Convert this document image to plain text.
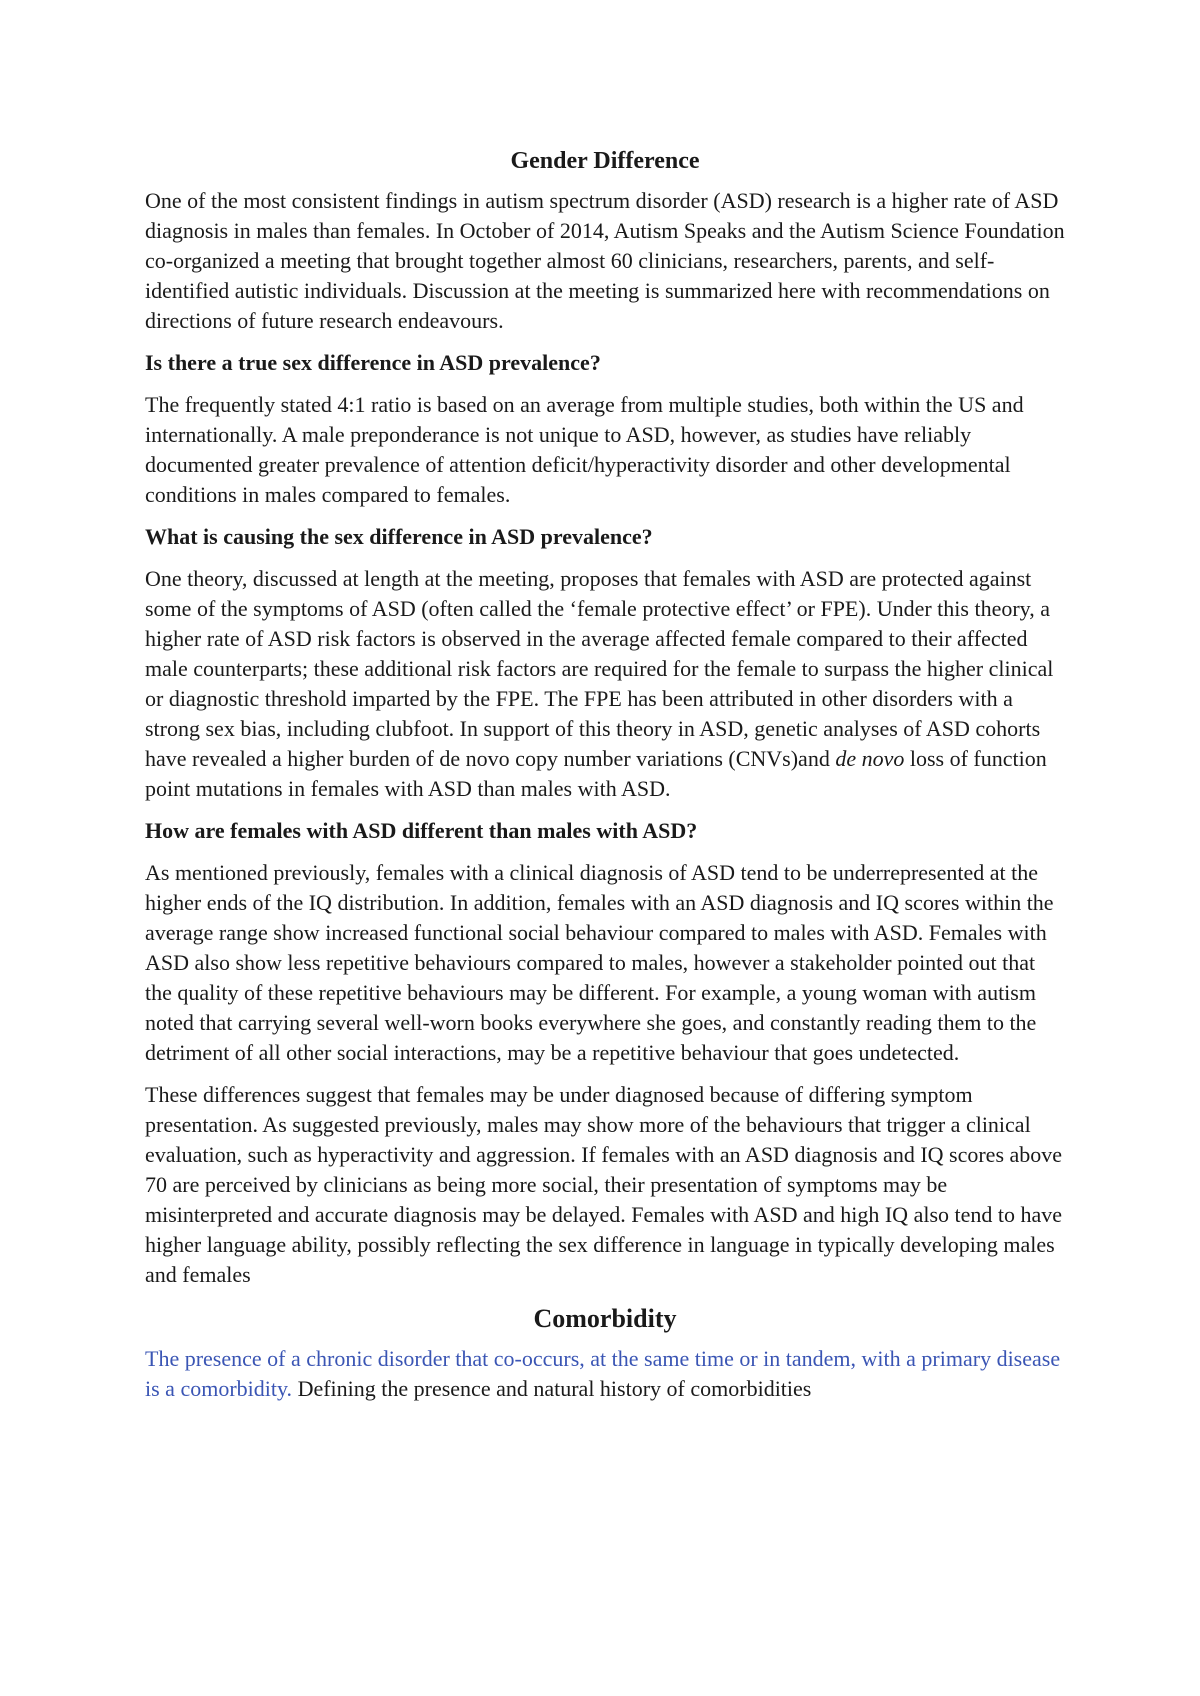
Gender Difference

One of the most consistent findings in autism spectrum disorder (ASD) research is a higher rate of ASD diagnosis in males than females. In October of 2014, Autism Speaks and the Autism Science Foundation co-organized a meeting that brought together almost 60 clinicians, researchers, parents, and self-identified autistic individuals. Discussion at the meeting is summarized here with recommendations on directions of future research endeavours.

Is there a true sex difference in ASD prevalence?

The frequently stated 4:1 ratio is based on an average from multiple studies, both within the US and internationally. A male preponderance is not unique to ASD, however, as studies have reliably documented greater prevalence of attention deficit/hyperactivity disorder and other developmental conditions in males compared to females.

What is causing the sex difference in ASD prevalence?

One theory, discussed at length at the meeting, proposes that females with ASD are protected against some of the symptoms of ASD (often called the ‘female protective effect’ or FPE). Under this theory, a higher rate of ASD risk factors is observed in the average affected female compared to their affected male counterparts; these additional risk factors are required for the female to surpass the higher clinical or diagnostic threshold imparted by the FPE. The FPE has been attributed in other disorders with a strong sex bias, including clubfoot. In support of this theory in ASD, genetic analyses of ASD cohorts have revealed a higher burden of de novo copy number variations (CNVs)and de novo loss of function point mutations in females with ASD than males with ASD.

How are females with ASD different than males with ASD?

As mentioned previously, females with a clinical diagnosis of ASD tend to be underrepresented at the higher ends of the IQ distribution. In addition, females with an ASD diagnosis and IQ scores within the average range show increased functional social behaviour compared to males with ASD. Females with ASD also show less repetitive behaviours compared to males, however a stakeholder pointed out that the quality of these repetitive behaviours may be different. For example, a young woman with autism noted that carrying several well-worn books everywhere she goes, and constantly reading them to the detriment of all other social interactions, may be a repetitive behaviour that goes undetected.

These differences suggest that females may be under diagnosed because of differing symptom presentation. As suggested previously, males may show more of the behaviours that trigger a clinical evaluation, such as hyperactivity and aggression. If females with an ASD diagnosis and IQ scores above 70 are perceived by clinicians as being more social, their presentation of symptoms may be misinterpreted and accurate diagnosis may be delayed. Females with ASD and high IQ also tend to have higher language ability, possibly reflecting the sex difference in language in typically developing males and females

Comorbidity

The presence of a chronic disorder that co-occurs, at the same time or in tandem, with a primary disease is a comorbidity. Defining the presence and natural history of comorbidities
